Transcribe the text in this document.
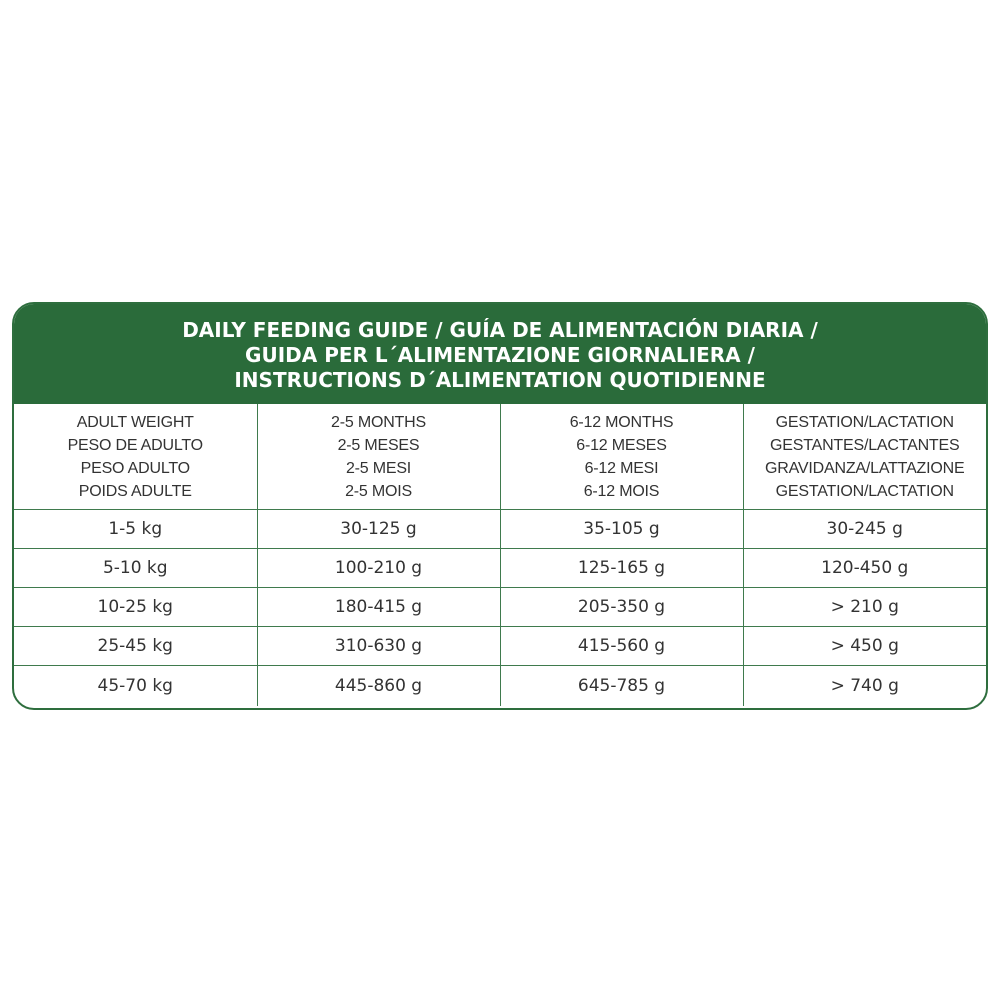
DAILY FEEDING GUIDE / GUÍA DE ALIMENTACIÓN DIARIA /
GUIDA PER L´ALIMENTAZIONE GIORNALIERA /
INSTRUCTIONS D´ALIMENTATION QUOTIDIENNE
ADULT WEIGHT
PESO DE ADULTO
PESO ADULTO
POIDS ADULTE	2-5 MONTHS
2-5 MESES
2-5 MESI
2-5 MOIS	6-12 MONTHS
6-12 MESES
6-12 MESI
6-12 MOIS	GESTATION/LACTATION
GESTANTES/LACTANTES
GRAVIDANZA/LATTAZIONE
GESTATION/LACTATION

1-5 kg	30-125 g	35-105 g	30-245 g
5-10 kg	100-210 g	125-165 g	120-450 g
10-25 kg	180-415 g	205-350 g	> 210 g
25-45 kg	310-630 g	415-560 g	> 450 g
45-70 kg	445-860 g	645-785 g	> 740 g
